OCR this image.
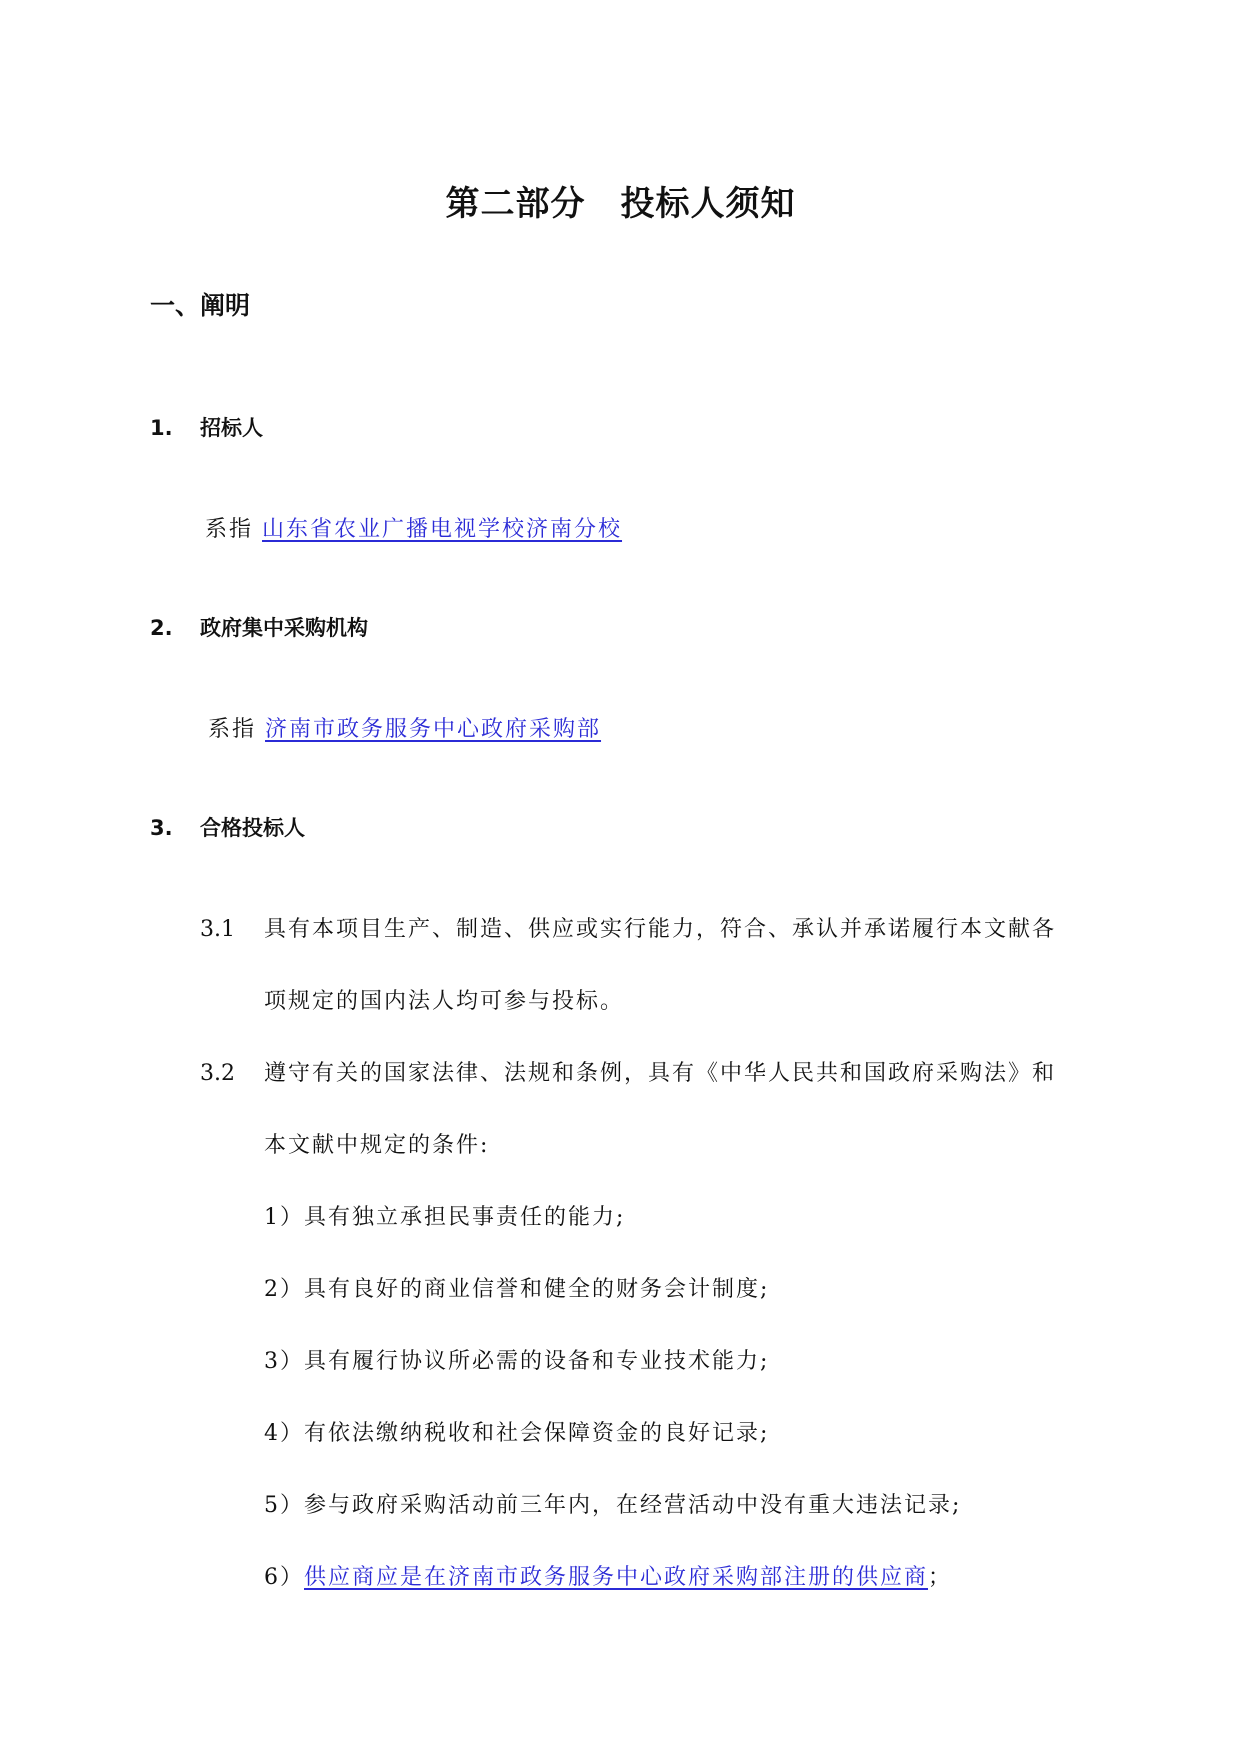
第二部分　投标人须知
一、阐明
1. 招标人
系指 山东省农业广播电视学校济南分校
2. 政府集中采购机构
系指 济南市政务服务中心政府采购部
3. 合格投标人
3.1 具有本项目生产、制造、供应或实行能力，符合、承认并承诺履行本文献各
项规定的国内法人均可参与投标。
3.2 遵守有关的国家法律、法规和条例，具有《中华人民共和国政府采购法》和
本文献中规定的条件:
1）具有独立承担民事责任的能力;
2）具有良好的商业信誉和健全的财务会计制度;
3）具有履行协议所必需的设备和专业技术能力;
4）有依法缴纳税收和社会保障资金的良好记录;
5）参与政府采购活动前三年内，在经营活动中没有重大违法记录;
6）供应商应是在济南市政务服务中心政府采购部注册的供应商；
